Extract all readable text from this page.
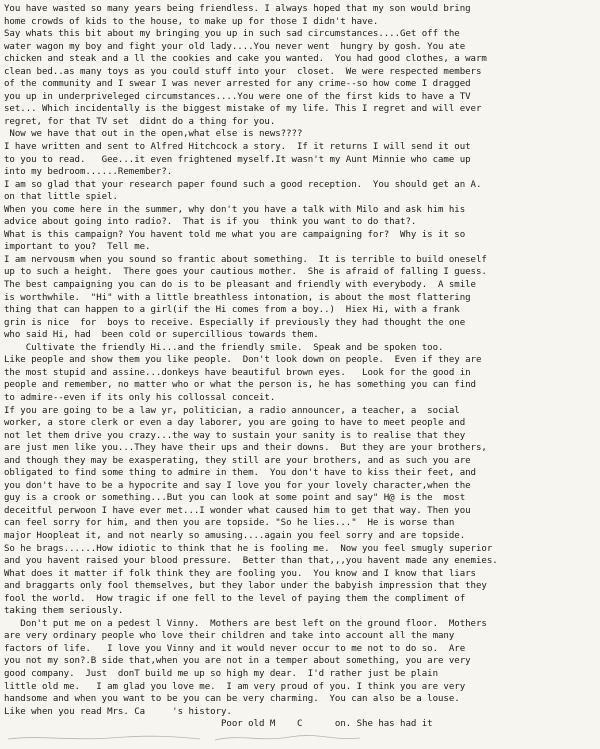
You have wasted so many years being friendless. I always hoped that my son would bring
home crowds of kids to the house, to make up for those I didn't have.
Say whats this bit about my bringing you up in such sad circumstances....Get off the
water wagon my boy and fight your old lady....You never went  hungry by gosh. You ate
chicken and steak and a ll the cookies and cake you wanted.  You had good clothes, a warm
clean bed..as many toys as you could stuff into your  closet.  We were respected members
of the community and I swear I was never arrested for any crime--so how come I dragged
you up in underpriveleged circumstances....You were one of the first kids to have a TV
set... Which incidentally is the biggest mistake of my life. This I regret and will ever
regret, for that TV set  didnt do a thing for you.
Now we have that out in the open,what else is news????
I have written and sent to Alfred Hitchcock a story.  If it returns I will send it out
to you to read.   Gee...it even frightened myself.It wasn't my Aunt Minnie who came up
into my bedroom......Remember?.
I am so glad that your research paper found such a good reception.  You should get an A.
on that little spiel.
When you come here in the summer, why don't you have a talk with Milo and ask him his
advice about going into radio?.  That is if you  think you want to do that?.
What is this campaign? You havent told me what you are campaigning for?  Why is it so
important to you?  Tell me.
I am nervousm when you sound so frantic about something.  It is terrible to build oneself
up to such a height.  There goes your cautious mother.  She is afraid of falling I guess.
The best campaigning you can do is to be pleasant and friendly with everybody.  A smile
is worthwhile.  "Hi" with a little breathless intonation, is about the most flattering
thing that can happen to a girl(if the Hi comes from a boy..)  Hiex Hi, with a frank
grin is nice  for  boys to receive. Especially if previously they had thought the one
who said Hi, had  been cold or supercillious towards them.
Cultivate the friendly Hi...and the friendly smile.  Speak and be spoken too.
Like people and show them you like people.  Don't look down on people.  Even if they are
the most stupid and assine...donkeys have beautiful brown eyes.   Look for the good in
people and remember, no matter who or what the person is, he has something you can find
to admire--even if its only his collossal conceit.
If you are going to be a law yr, politician, a radio announcer, a teacher, a  social
worker, a store clerk or even a day laborer, you are going to have to meet people and
not let them drive you crazy...the way to sustain your sanity is to realise that they
are just men like you...They have their ups and their downs.  But they are your brothers,
and though they may be exasperating, they still are your brothers, and as such you are
obligated to find some thing to admire in them.  You don't have to kiss their feet, and
you don't have to be a hypocrite and say I love you for your lovely character,when the
guy is a crook or something...But you can look at some point and say" H@ is the  most
deceitful perwoon I have ever met...I wonder what caused him to get that way. Then you
can feel sorry for him, and then you are topside. "So he lies..."  He is worse than
major Hoopleat it, and not nearly so amusing....again you feel sorry and are topside.
So he brags......How idiotic to think that he is fooling me.  Now you feel smugly superior
and you havent raised your blood pressure.  Better than that,,,you havent made any enemies.
What does it matter if folk think they are fooling you.  You know and I know that liars
and braggarts only fool themselves, but they labor under the babyish impression that they
fool the world.  How tragic if one fell to the level of paying them the compliment of
taking them seriously.
Don't put me on a pedest l Vinny.  Mothers are best left on the ground floor.  Mothers
are very ordinary people who love their children and take into account all the many
factors of life.   I love you Vinny and it would never occur to me not to do so.  Are
you not my son?.B side that,when you are not in a temper about something, you are very
good company.  Just  donT build me up so high my dear.  I'd rather just be plain
little old me.   I am glad you love me.  I am very proud of you. I think you are very
handsome and when you want to be you can be very charming.  You can also be a louse.
Like when you read Mrs. Ca     's history.
Poor old M    C      on. She has had it
